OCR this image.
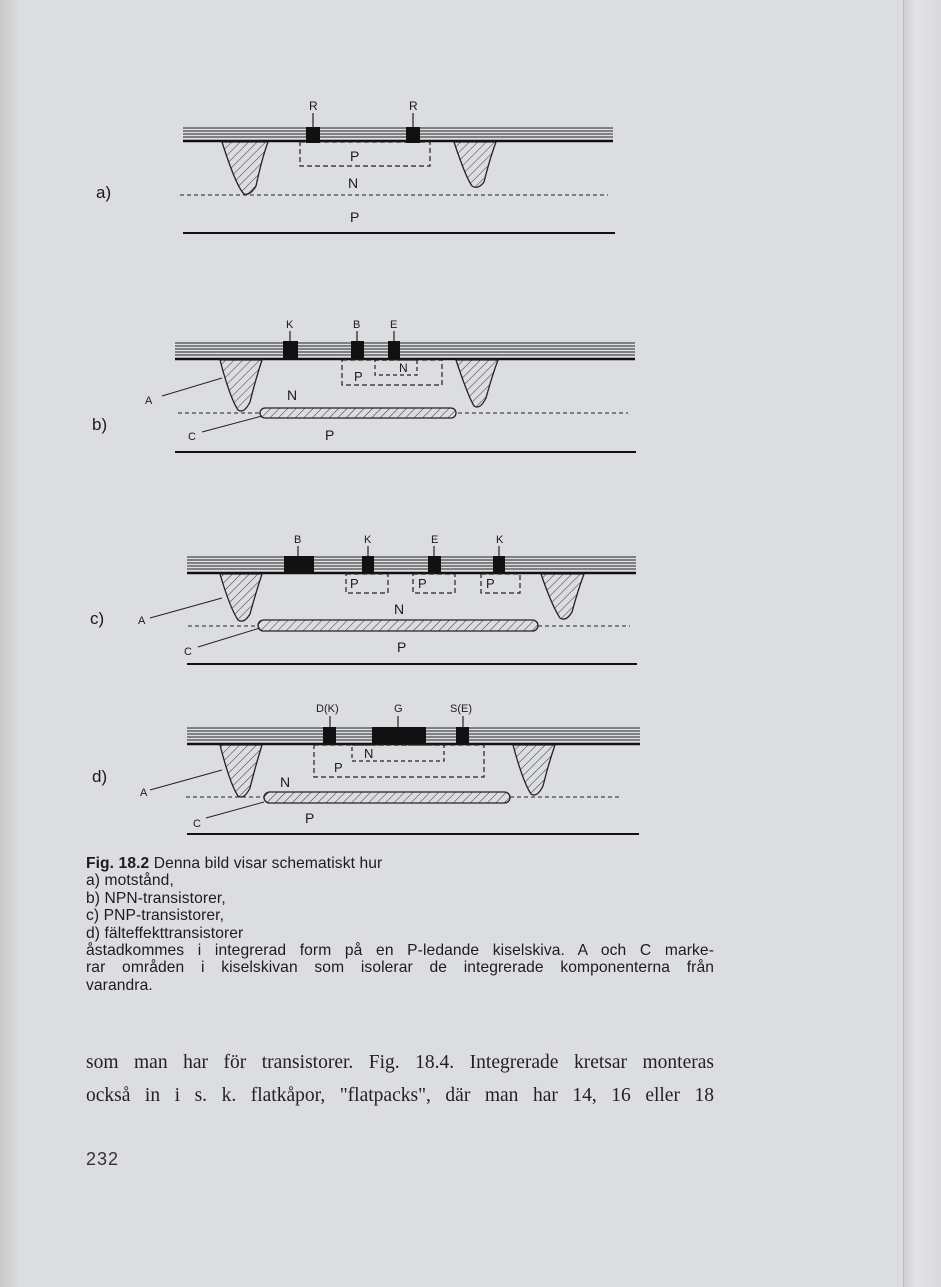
a)
R	R
P
N
P
b)
K	B	E
P
N
N
A
C	P
c)
B	K	E	K
P	P	P
N
A
C	P
d)
D(K)	G	S(E)
N
P
N
A
C	P
Fig. 18.2 Denna bild visar schematiskt hur
a) motstånd,
b) NPN-transistorer,
c) PNP-transistorer,
d) fälteffekttransistorer
åstadkommes i integrerad form på en P-ledande kiselskiva. A och C marke-
rar områden i kiselskivan som isolerar de integrerade komponenterna från
varandra.
som man har för transistorer. Fig. 18.4. Integrerade kretsar monteras
också in i s. k. flatkåpor, "flatpacks", där man har 14, 16 eller 18
232
